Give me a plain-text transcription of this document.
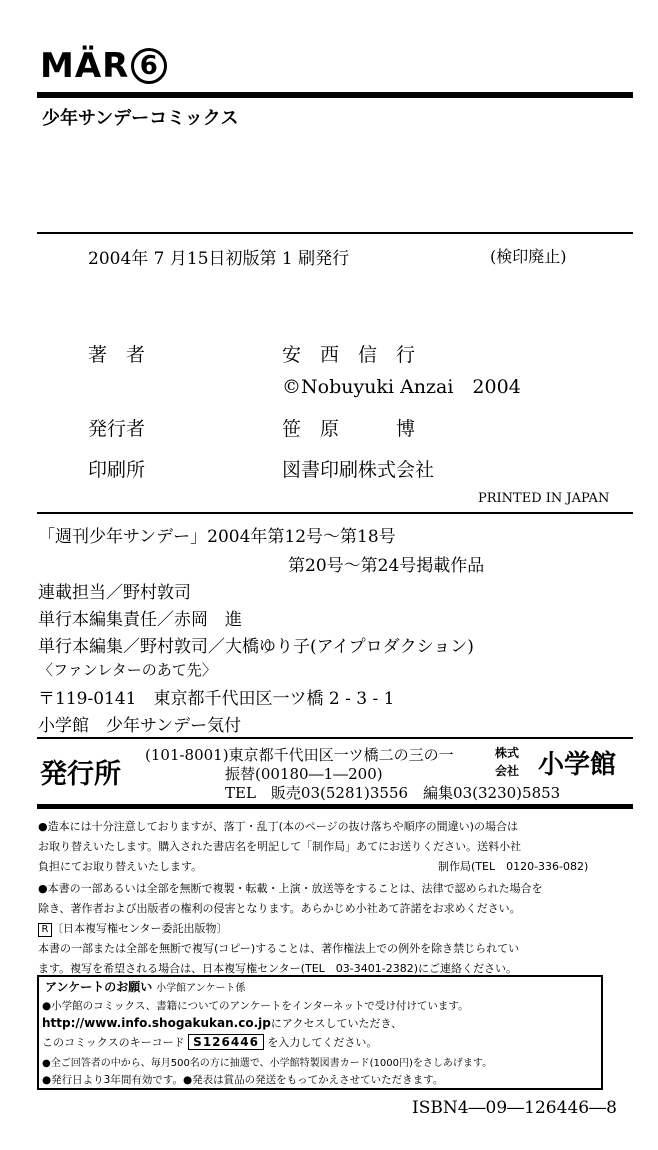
MÄR 6
少年サンデーコミックス
2004年 7 月15日初版第 1 刷発行	(検印廃止)
著　者	安　西　信　行
©Nobuyuki Anzai　2004
発行者	笹　原　　　博
印刷所	図書印刷株式会社
PRINTED IN JAPAN
「週刊少年サンデー」2004年第12号～第18号
第20号～第24号掲載作品
連載担当／野村敦司
単行本編集責任／赤岡　進
単行本編集／野村敦司／大橋ゆり子(アイプロダクション)
〈ファンレターのあて先〉
〒119-0141　東京都千代田区一ツ橋 2 - 3 - 1
小学館　少年サンデー気付
発行所
(101-8001)東京都千代田区一ツ橋二の三の一
振替(00180―1―200)
TEL　販売03(5281)3556　編集03(3230)5853
株式
会社 小学館
●造本には十分注意しておりますが、落丁・乱丁(本のページの抜け落ちや順序の間違い)の場合は
お取り替えいたします。購入された書店名を明記して「制作局」あてにお送りください。送料小社
負担にてお取り替えいたします。	制作局(TEL　0120-336-082)
●本書の一部あるいは全部を無断で複製・転載・上演・放送等をすることは、法律で認められた場合を
除き、著作者および出版者の権利の侵害となります。あらかじめ小社あて許諾をお求めください。
R 〔日本複写権センター委託出版物〕
本書の一部または全部を無断で複写(コピー)することは、著作権法上での例外を除き禁じられてい
ます。複写を希望される場合は、日本複写権センター(TEL　03-3401-2382)にご連絡ください。
アンケートのお願い 小学館アンケート係
●小学館のコミックス、書籍についてのアンケートをインターネットで受け付けています。
http://www.info.shogakukan.co.jpにアクセスしていただき、
このコミックスのキーコード S126446 を入力してください。
●全ご回答者の中から、毎月500名の方に抽選で、小学館特製図書カード(1000円)をさしあげます。
●発行日より3年間有効です。●発表は賞品の発送をもってかえさせていただきます。
ISBN4―09―126446―8
